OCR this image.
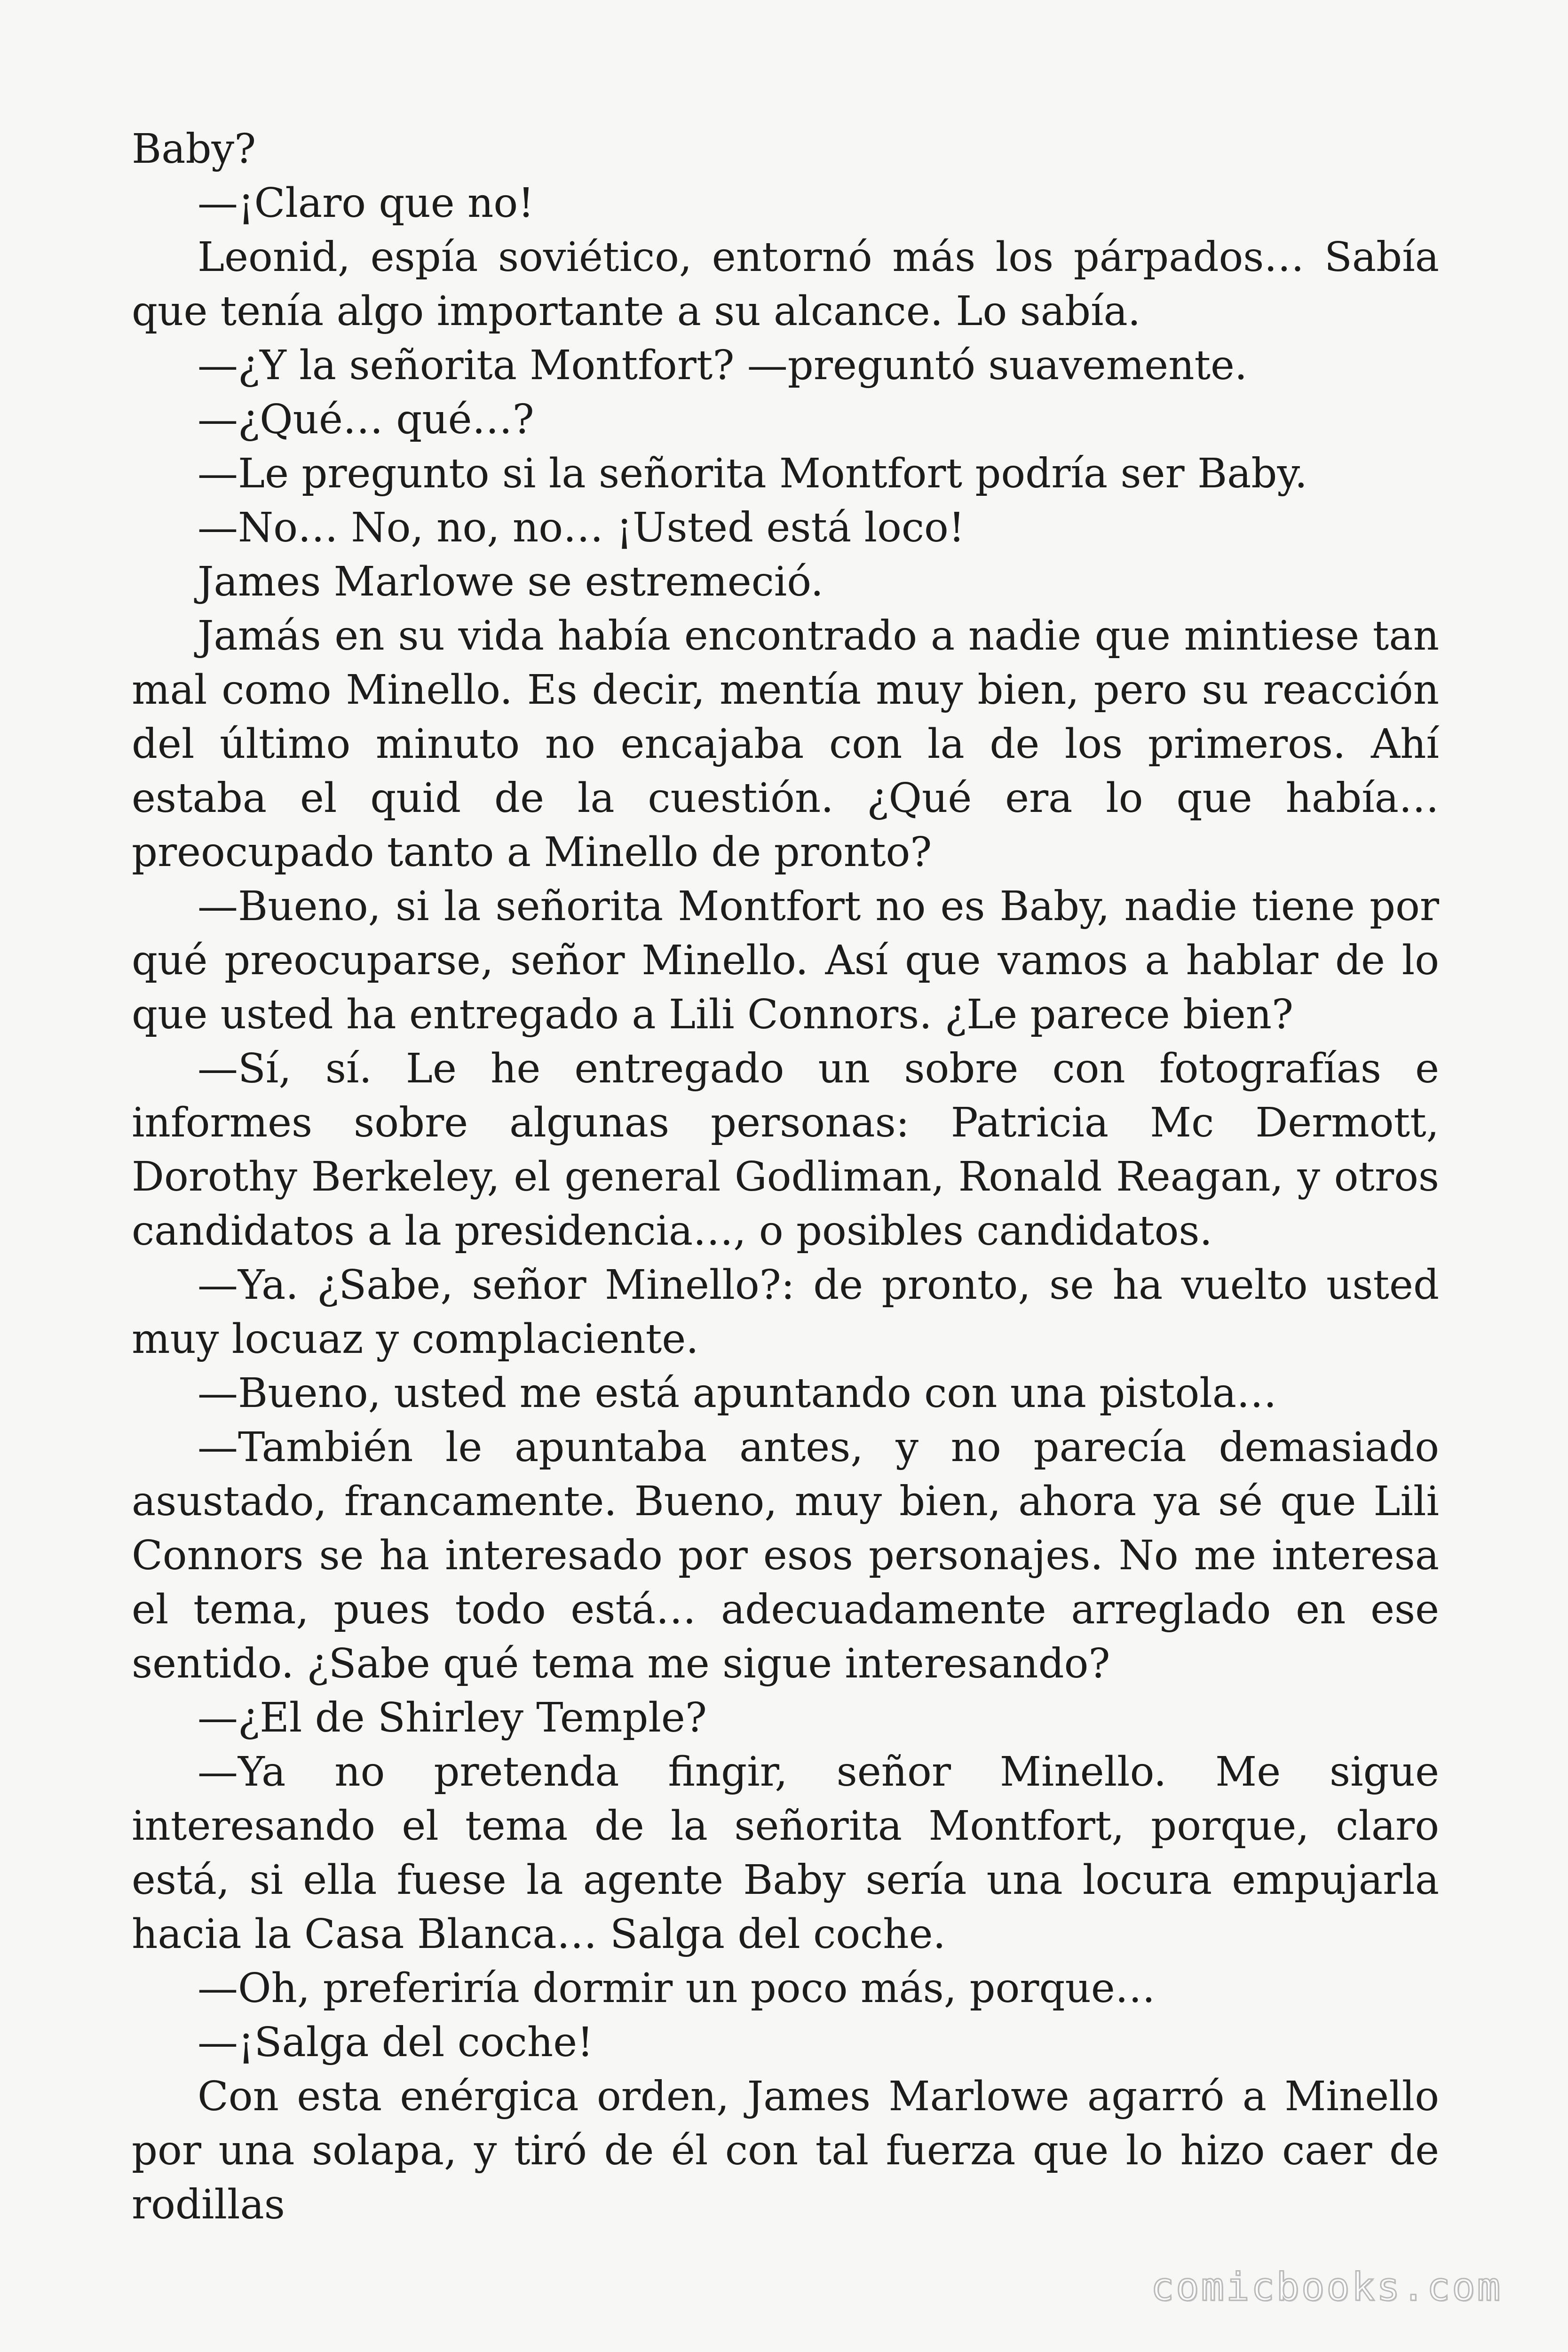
Baby?

—¡Claro que no!

Leonid, espía soviético, entornó más los párpados… Sabía que tenía algo importante a su alcance. Lo sabía.

—¿Y la señorita Montfort? —preguntó suavemente.

—¿Qué… qué…?

—Le pregunto si la señorita Montfort podría ser Baby.

—No… No, no, no… ¡Usted está loco!

James Marlowe se estremeció.

Jamás en su vida había encontrado a nadie que mintiese tan mal como Minello. Es decir, mentía muy bien, pero su reacción del último minuto no encajaba con la de los primeros. Ahí estaba el quid de la cuestión. ¿Qué era lo que había… preocupado tanto a Minello de pronto?

—Bueno, si la señorita Montfort no es Baby, nadie tiene por qué preocuparse, señor Minello. Así que vamos a hablar de lo que usted ha entregado a Lili Connors. ¿Le parece bien?

—Sí, sí. Le he entregado un sobre con fotografías e informes sobre algunas personas: Patricia Mc Dermott, Dorothy Berkeley, el general Godliman, Ronald Reagan, y otros candidatos a la presidencia…, o posibles candidatos.

—Ya. ¿Sabe, señor Minello?: de pronto, se ha vuelto usted muy locuaz y complaciente.

—Bueno, usted me está apuntando con una pistola…

—También le apuntaba antes, y no parecía demasiado asustado, francamente. Bueno, muy bien, ahora ya sé que Lili Connors se ha interesado por esos personajes. No me interesa el tema, pues todo está… adecuadamente arreglado en ese sentido. ¿Sabe qué tema me sigue interesando?

—¿El de Shirley Temple?

—Ya no pretenda fingir, señor Minello. Me sigue interesando el tema de la señorita Montfort, porque, claro está, si ella fuese la agente Baby sería una locura empujarla hacia la Casa Blanca… Salga del coche.

—Oh, preferiría dormir un poco más, porque…

—¡Salga del coche!

Con esta enérgica orden, James Marlowe agarró a Minello por una solapa, y tiró de él con tal fuerza que lo hizo caer de rodillas

comicbooks.com
